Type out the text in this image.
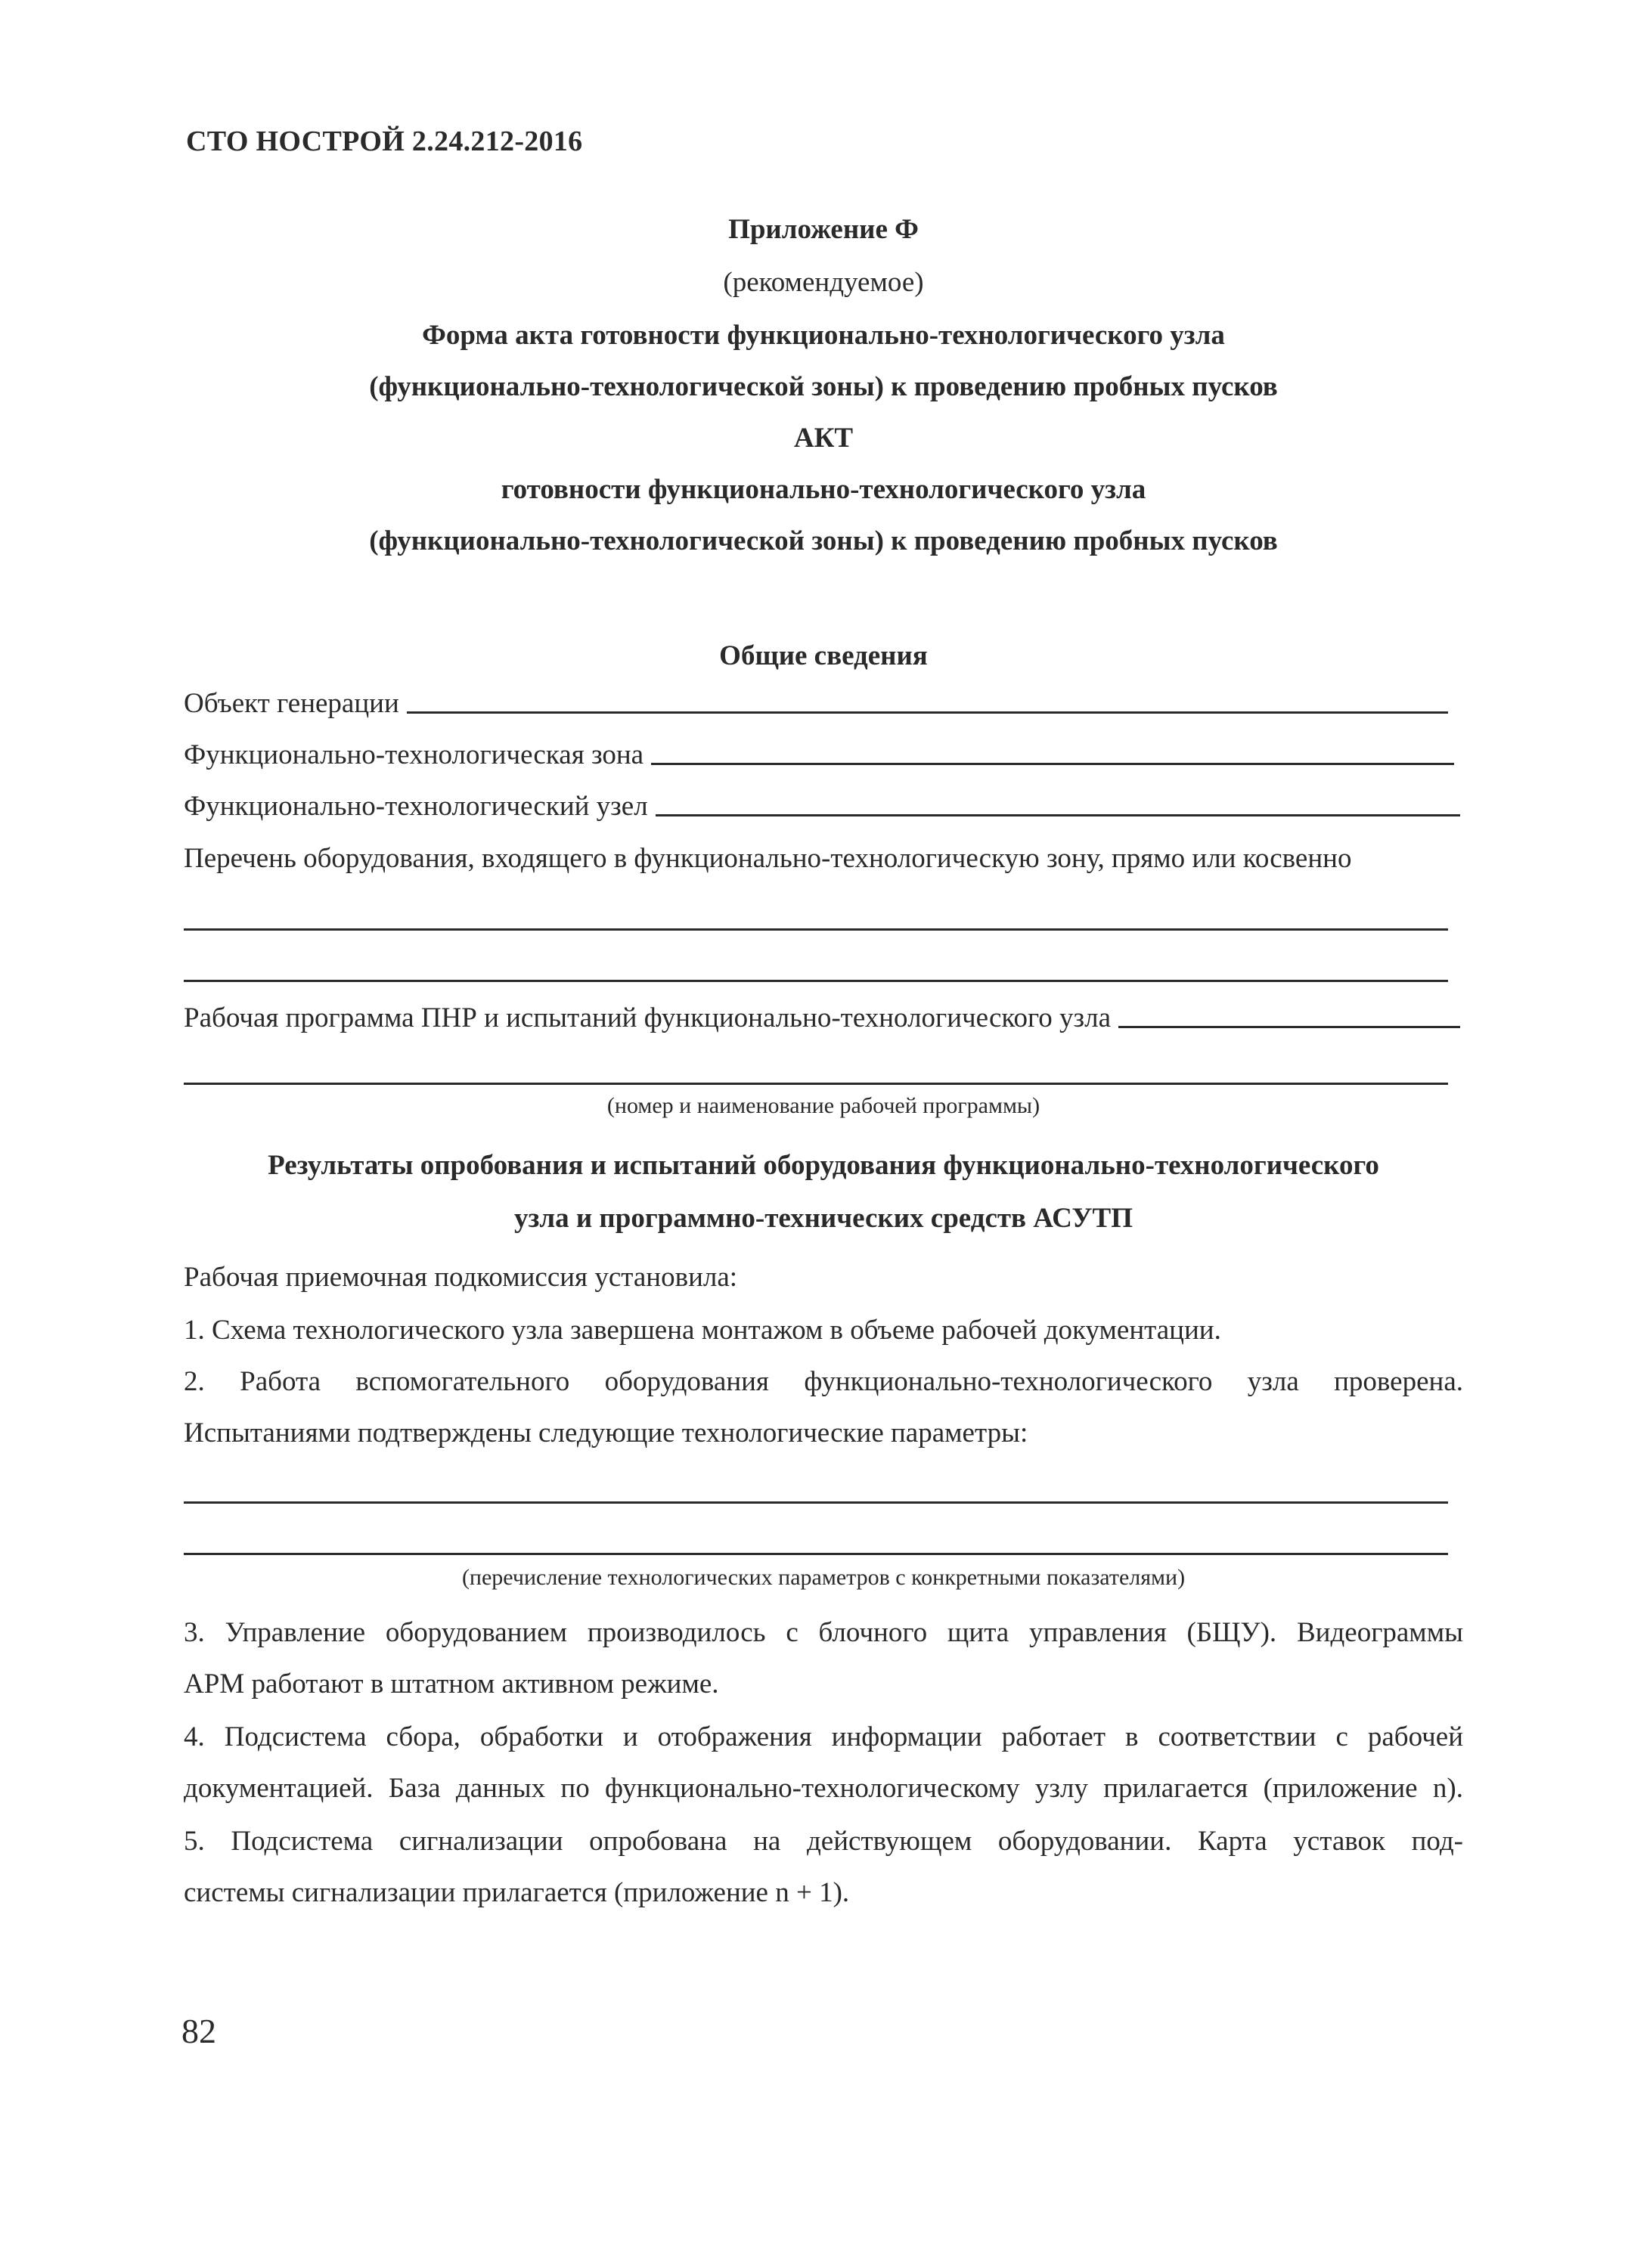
СТО НОСТРОЙ 2.24.212-2016
Приложение Ф
(рекомендуемое)
Форма акта готовности функционально-технологического узла
(функционально-технологической зоны) к проведению пробных пусков
АКТ
готовности функционально-технологического узла
(функционально-технологической зоны) к проведению пробных пусков
Общие сведения
Объект генерации
Функционально-технологическая зона
Функционально-технологический узел
Перечень оборудования, входящего в функционально-технологическую зону, прямо или косвенно
Рабочая программа ПНР и испытаний функционально-технологического узла
(номер и наименование рабочей программы)
Результаты опробования и испытаний оборудования функционально-технологического
узла и программно-технических средств АСУТП
Рабочая приемочная подкомиссия установила:
1. Схема технологического узла завершена монтажом в объеме рабочей документации.
2. Работа вспомогательного оборудования функционально-технологического узла проверена.
Испытаниями подтверждены следующие технологические параметры:
(перечисление технологических параметров с конкретными показателями)
3. Управление оборудованием производилось с блочного щита управления (БЩУ). Видеограммы
АРМ работают в штатном активном режиме.
4. Подсистема сбора, обработки и отображения информации работает в соответствии с рабочей
документацией. База данных по функционально-технологическому узлу прилагается (приложение n).
5. Подсистема сигнализации опробована на действующем оборудовании. Карта уставок под-
системы сигнализации прилагается (приложение n + 1).
82
